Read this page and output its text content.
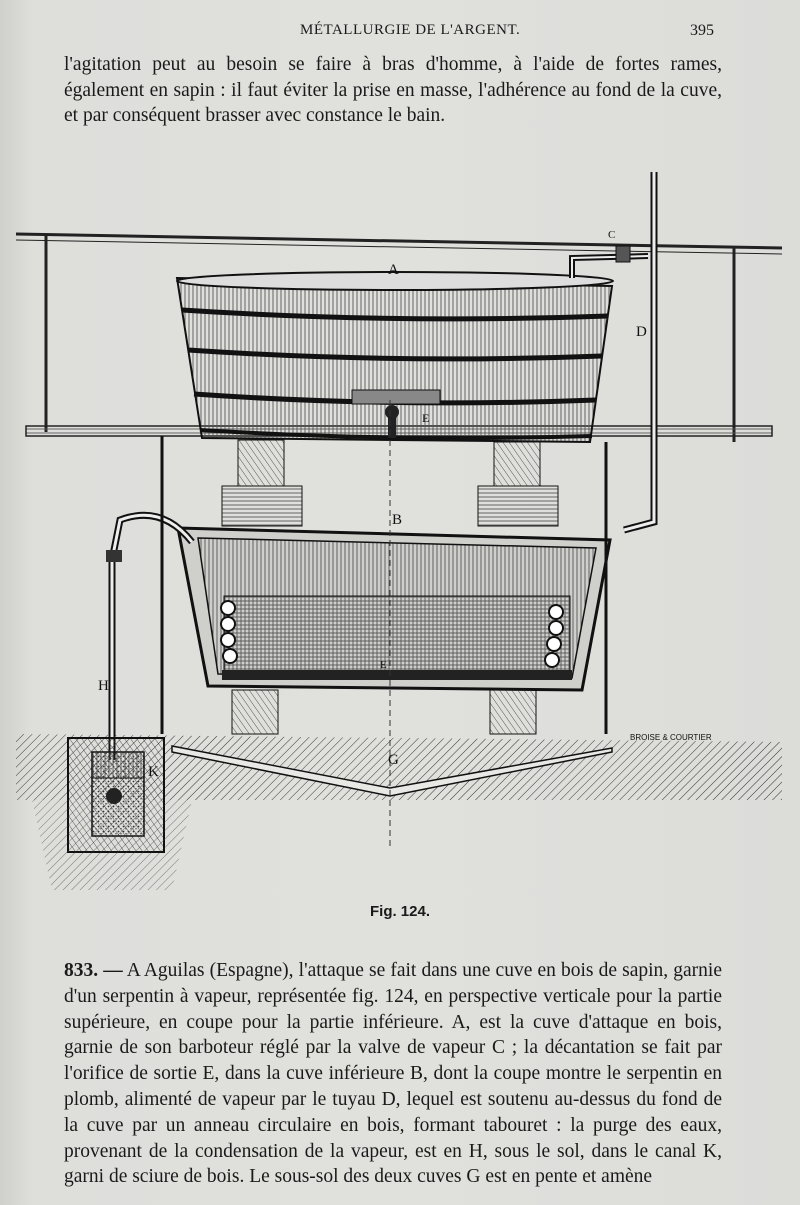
MÉTALLURGIE DE L'ARGENT.	395

l'agitation peut au besoin se faire à bras d'homme, à l'aide de fortes rames, également en sapin : il faut éviter la prise en masse, l'adhérence au fond de la cuve, et par conséquent brasser avec constance le bain.

A
D
E
B
C
E
G
H
K
BROISE & COURTIER
Fig. 124.

833. — A Aguilas (Espagne), l'attaque se fait dans une cuve en bois de sapin, garnie d'un serpentin à vapeur, représentée fig. 124, en perspective verticale pour la partie supérieure, en coupe pour la partie inférieure. A, est la cuve d'attaque en bois, garnie de son barboteur réglé par la valve de vapeur C ; la décantation se fait par l'orifice de sortie E, dans la cuve inférieure B, dont la coupe montre le serpentin en plomb, alimenté de vapeur par le tuyau D, lequel est soutenu au-dessus du fond de la cuve par un anneau circulaire en bois, formant tabouret : la purge des eaux, provenant de la condensation de la vapeur, est en H, sous le sol, dans le canal K, garni de sciure de bois. Le sous-sol des deux cuves G est en pente et amène
